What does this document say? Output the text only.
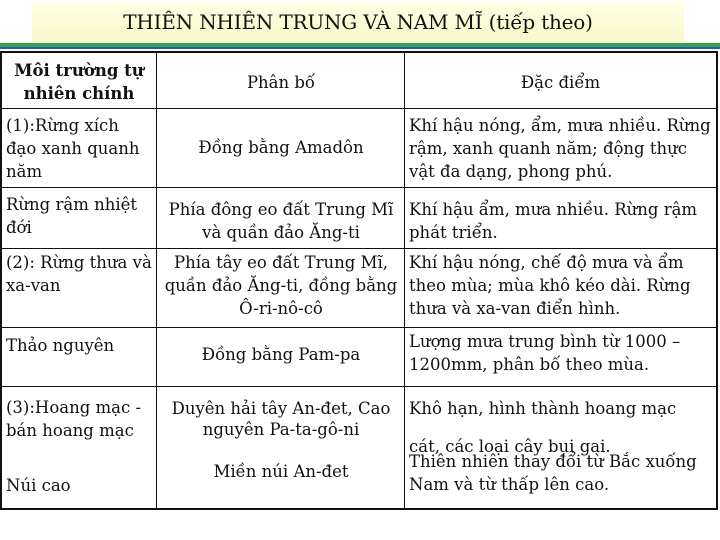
THIÊN NHIÊN TRUNG VÀ NAM MĨ (tiếp theo)
Môi trường tự nhiên chính
Phân bố	Đặc điểm
(1):Rừng xích đạo xanh quanh năm
Đồng bằng Amadôn
Khí hậu nóng, ẩm, mưa nhiều. Rừng rậm, xanh quanh năm; động thực vật đa dạng, phong phú.
Rừng rậm nhiệt đới
Phía đông eo đất Trung Mĩ và quần đảo Ăng-ti
Khí hậu ẩm, mưa nhiều. Rừng rậm phát triển.
(2): Rừng thưa và xa-van
Phía tây eo đất Trung Mĩ, quần đảo Ăng-ti, đồng bằng Ô-ri-nô-cô
Khí hậu nóng, chế độ mưa và ẩm theo mùa; mùa khô kéo dài. Rừng thưa và xa-van điển hình.
Thảo nguyên	Đồng bằng Pam-pa
Lượng mưa trung bình từ 1000 – 1200mm, phân bố theo mùa.
(3):Hoang mạc - bán hoang mạc
Duyên hải tây An-đet, Cao nguyên Pa-ta-gô-ni
Khô hạn, hình thành hoang mạc cát, các loại cây bụi gai.
Núi cao
Miền núi An-đet
Thiên nhiên thay đổi từ Bắc xuống Nam và từ thấp lên cao.
